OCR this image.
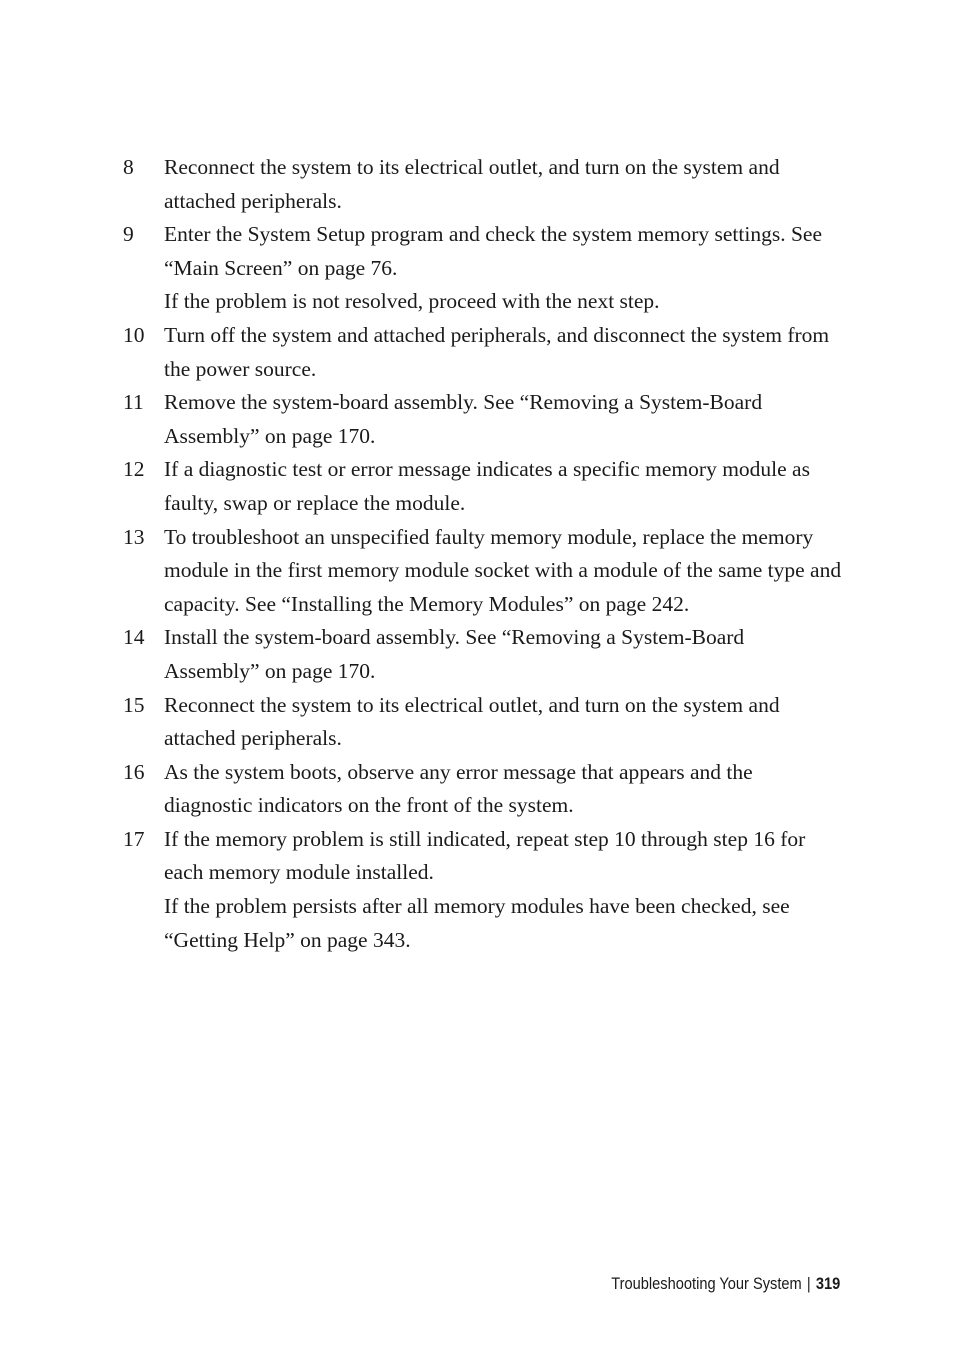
8	Reconnect the system to its electrical outlet, and turn on the system and attached peripherals.
9	Enter the System Setup program and check the system memory settings. See “Main Screen” on page 76.
If the problem is not resolved, proceed with the next step.
10 Turn off the system and attached peripherals, and disconnect the system from the power source.
11 Remove the system-board assembly. See “Removing a System-Board Assembly” on page 170.
12 If a diagnostic test or error message indicates a specific memory module as faulty, swap or replace the module.
13 To troubleshoot an unspecified faulty memory module, replace the memory module in the first memory module socket with a module of the same type and capacity. See “Installing the Memory Modules” on page 242.
14 Install the system-board assembly. See “Removing a System-Board Assembly” on page 170.
15 Reconnect the system to its electrical outlet, and turn on the system and attached peripherals.
16 As the system boots, observe any error message that appears and the diagnostic indicators on the front of the system.
17 If the memory problem is still indicated, repeat step 10 through step 16 for each memory module installed.
If the problem persists after all memory modules have been checked, see “Getting Help” on page 343.
Troubleshooting Your System | 319
